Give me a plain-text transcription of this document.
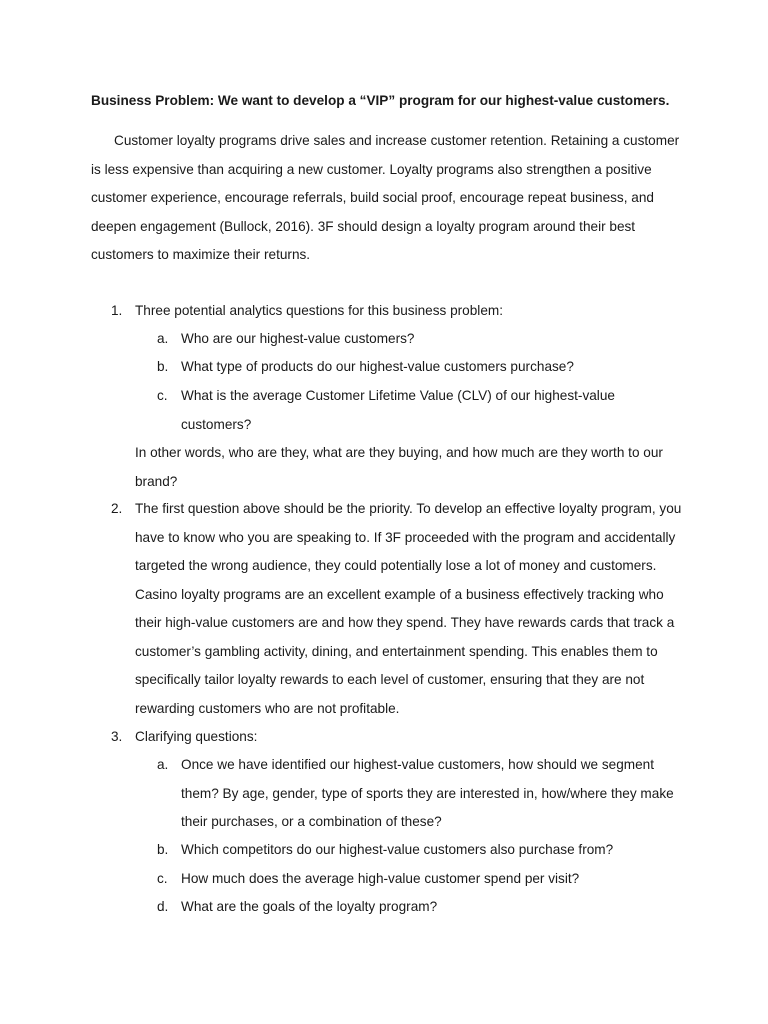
Business Problem: We want to develop a “VIP” program for our highest-value customers.
Customer loyalty programs drive sales and increase customer retention. Retaining a customer is less expensive than acquiring a new customer. Loyalty programs also strengthen a positive customer experience, encourage referrals, build social proof, encourage repeat business, and deepen engagement (Bullock, 2016). 3F should design a loyalty program around their best customers to maximize their returns.
1. Three potential analytics questions for this business problem:
a. Who are our highest-value customers?
b. What type of products do our highest-value customers purchase?
c. What is the average Customer Lifetime Value (CLV) of our highest-value customers?
In other words, who are they, what are they buying, and how much are they worth to our brand?
2. The first question above should be the priority. To develop an effective loyalty program, you have to know who you are speaking to. If 3F proceeded with the program and accidentally targeted the wrong audience, they could potentially lose a lot of money and customers. Casino loyalty programs are an excellent example of a business effectively tracking who their high-value customers are and how they spend. They have rewards cards that track a customer’s gambling activity, dining, and entertainment spending. This enables them to specifically tailor loyalty rewards to each level of customer, ensuring that they are not rewarding customers who are not profitable.
3. Clarifying questions:
a. Once we have identified our highest-value customers, how should we segment them? By age, gender, type of sports they are interested in, how/where they make their purchases, or a combination of these?
b. Which competitors do our highest-value customers also purchase from?
c. How much does the average high-value customer spend per visit?
d. What are the goals of the loyalty program?
